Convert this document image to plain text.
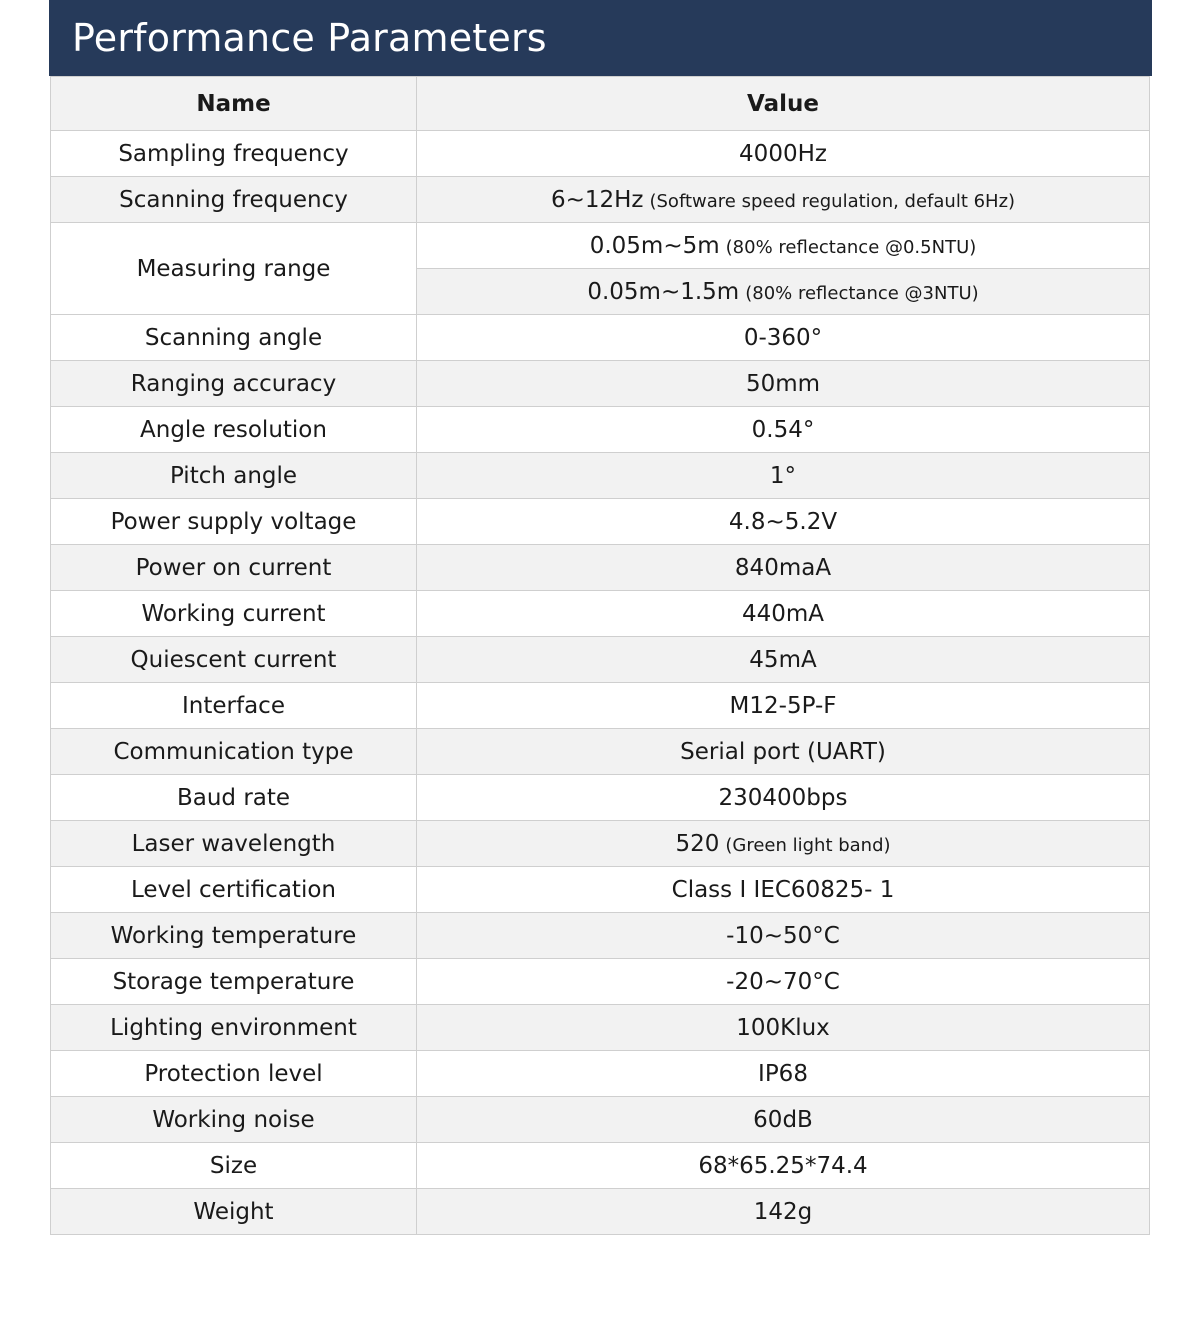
Performance Parameters
Name	Value
Sampling frequency	4000Hz
Scanning frequency	6~12Hz (Software speed regulation, default 6Hz)
Measuring range	0.05m~5m (80% reflectance @0.5NTU)
	0.05m~1.5m (80% reflectance @3NTU)
Scanning angle	0-360°
Ranging accuracy	50mm
Angle resolution	0.54°
Pitch angle	1°
Power supply voltage	4.8~5.2V
Power on current	840maA
Working current	440mA
Quiescent current	45mA
Interface	M12-5P-F
Communication type	Serial port (UART)
Baud rate	230400bps
Laser wavelength	520 (Green light band)
Level certification	Class I IEC60825- 1
Working temperature	-10~50°C
Storage temperature	-20~70°C
Lighting environment	100Klux
Protection level	IP68
Working noise	60dB
Size	68*65.25*74.4
Weight	142g
